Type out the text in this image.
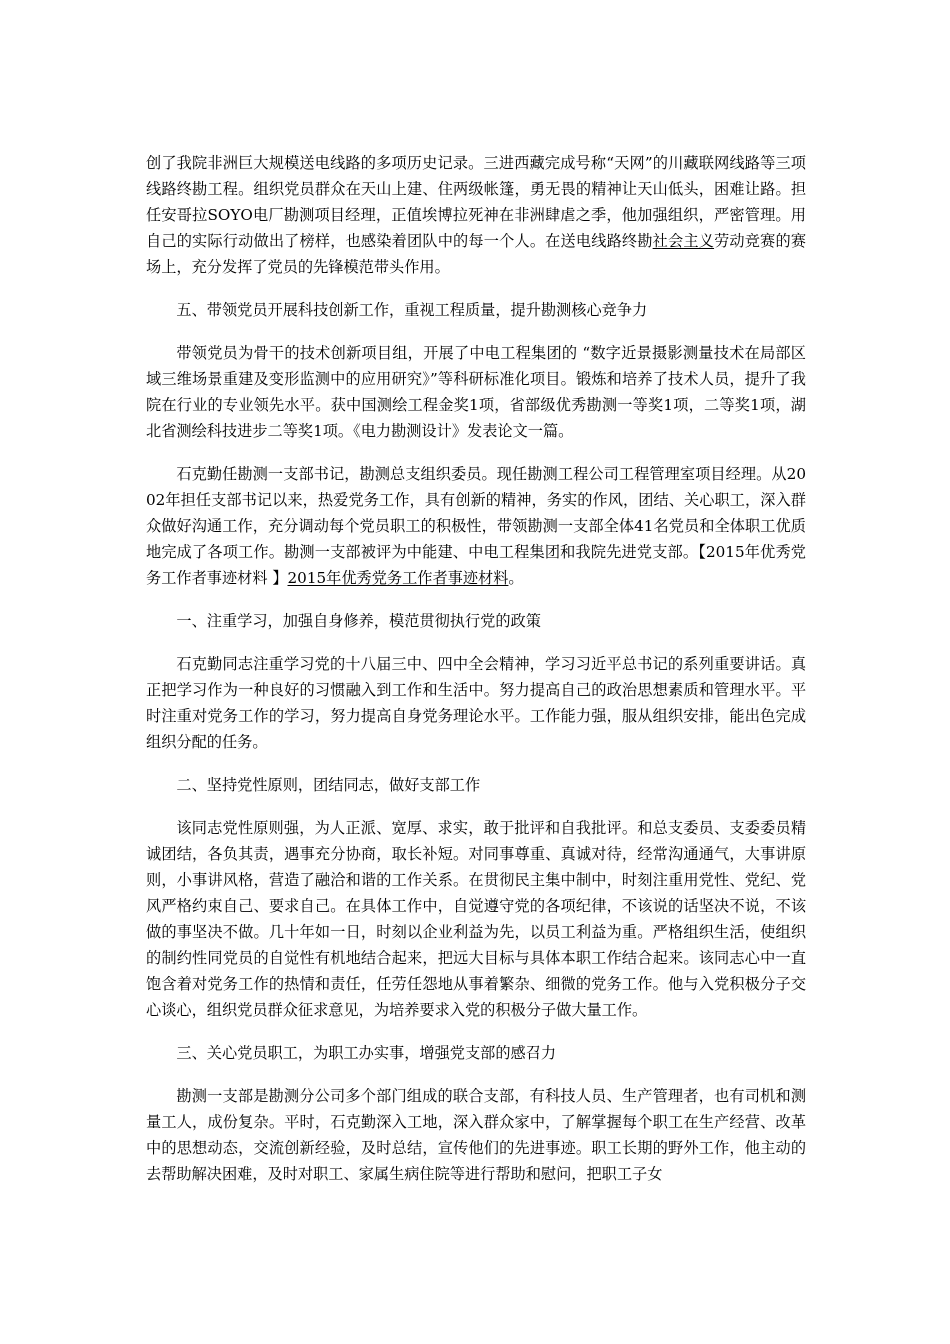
创了我院非洲巨大规模送电线路的多项历史记录。三进西藏完成号称“天网”的川藏联网线路等三项线路终勘工程。组织党员群众在天山上建、住两级帐篷，勇无畏的精神让天山低头，困难让路。担任安哥拉SOYO电厂勘测项目经理，正值埃博拉死神在非洲肆虐之季，他加强组织，严密管理。用自己的实际行动做出了榜样，也感染着团队中的每一个人。在送电线路终勘社会主义劳动竞赛的赛场上，充分发挥了党员的先锋模范带头作用。

五、带领党员开展科技创新工作，重视工程质量，提升勘测核心竞争力

带领党员为骨干的技术创新项目组，开展了中电工程集团的 “数字近景摄影测量技术在局部区域三维场景重建及变形监测中的应用研究》”等科研标准化项目。锻炼和培养了技术人员，提升了我院在行业的专业领先水平。获中国测绘工程金奖1项，省部级优秀勘测一等奖1项，二等奖1项，湖北省测绘科技进步二等奖1项。《电力勘测设计》发表论文一篇。

石克勤任勘测一支部书记，勘测总支组织委员。现任勘测工程公司工程管理室项目经理。从2002年担任支部书记以来，热爱党务工作，具有创新的精神，务实的作风，团结、关心职工，深入群众做好沟通工作，充分调动每个党员职工的积极性，带领勘测一支部全体41名党员和全体职工优质地完成了各项工作。勘测一支部被评为中能建、中电工程集团和我院先进党支部。【2015年优秀党务工作者事迹材料 】2015年优秀党务工作者事迹材料。

一、注重学习，加强自身修养，模范贯彻执行党的政策

石克勤同志注重学习党的十八届三中、四中全会精神，学习习近平总书记的系列重要讲话。真正把学习作为一种良好的习惯融入到工作和生活中。努力提高自己的政治思想素质和管理水平。平时注重对党务工作的学习，努力提高自身党务理论水平。工作能力强，服从组织安排，能出色完成组织分配的任务。

二、坚持党性原则，团结同志，做好支部工作

该同志党性原则强，为人正派、宽厚、求实，敢于批评和自我批评。和总支委员、支委委员精诚团结，各负其责，遇事充分协商，取长补短。对同事尊重、真诚对待，经常沟通通气，大事讲原则，小事讲风格，营造了融洽和谐的工作关系。在贯彻民主集中制中，时刻注重用党性、党纪、党风严格约束自己、要求自己。在具体工作中，自觉遵守党的各项纪律，不该说的话坚决不说，不该做的事坚决不做。几十年如一日，时刻以企业利益为先，以员工利益为重。严格组织生活，使组织的制约性同党员的自觉性有机地结合起来，把远大目标与具体本职工作结合起来。该同志心中一直饱含着对党务工作的热情和责任，任劳任怨地从事着繁杂、细微的党务工作。他与入党积极分子交心谈心，组织党员群众征求意见，为培养要求入党的积极分子做大量工作。

三、关心党员职工，为职工办实事，增强党支部的感召力

勘测一支部是勘测分公司多个部门组成的联合支部，有科技人员、生产管理者，也有司机和测量工人，成份复杂。平时，石克勤深入工地，深入群众家中，了解掌握每个职工在生产经营、改革中的思想动态，交流创新经验，及时总结，宣传他们的先进事迹。职工长期的野外工作，他主动的去帮助解决困难，及时对职工、家属生病住院等进行帮助和慰问，把职工子女
